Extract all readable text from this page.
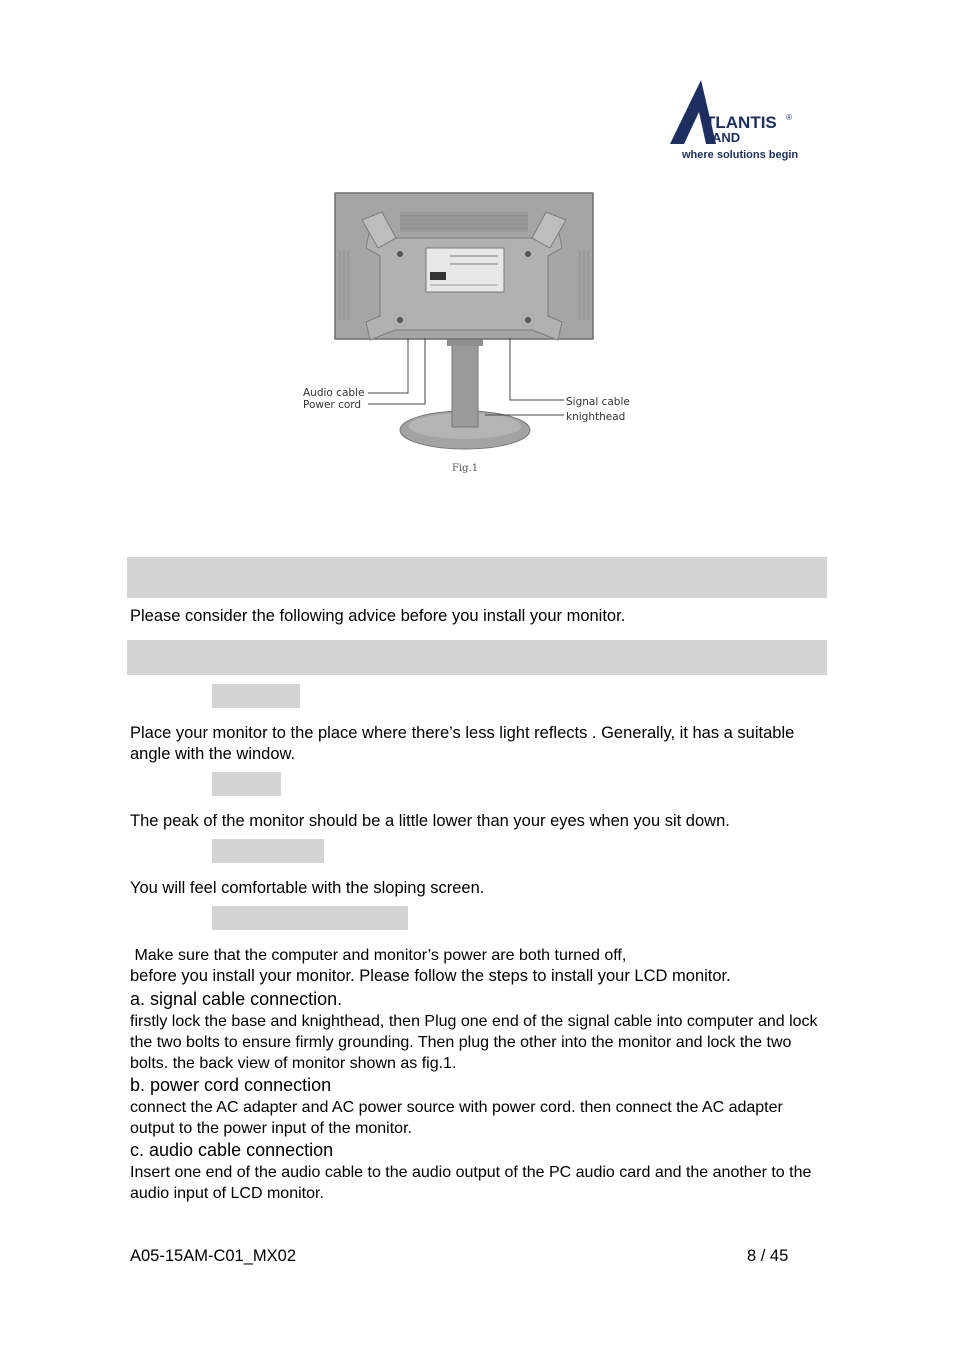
TLANTIS ®
AND
where solutions begin
Audio cable
Power cord	Signal cable
knighthead
Fig.1
Please consider the following advice before you install your monitor.
Place your monitor to the place where there’s less light reflects . Generally, it has a suitable angle with the window.
The peak of the monitor should be a little lower than your eyes when you sit down.
You will feel comfortable with the sloping screen.
Make sure that the computer and monitor’s power are both turned off,
before you install your monitor. Please follow the steps to install your LCD monitor.
a. signal cable connection.
firstly lock the base and knighthead, then Plug one end of the signal cable into computer and lock the two bolts to ensure firmly grounding. Then plug the other into the monitor and lock the two bolts. the back view of monitor shown as fig.1.
b. power cord connection
connect the AC adapter and AC power source with power cord. then connect the AC adapter output to the power input of the monitor.
c. audio cable connection
Insert one end of the audio cable to the audio output of the PC audio card and the another to the audio input of LCD monitor.
A05-15AM-C01_MX02	8 / 45
